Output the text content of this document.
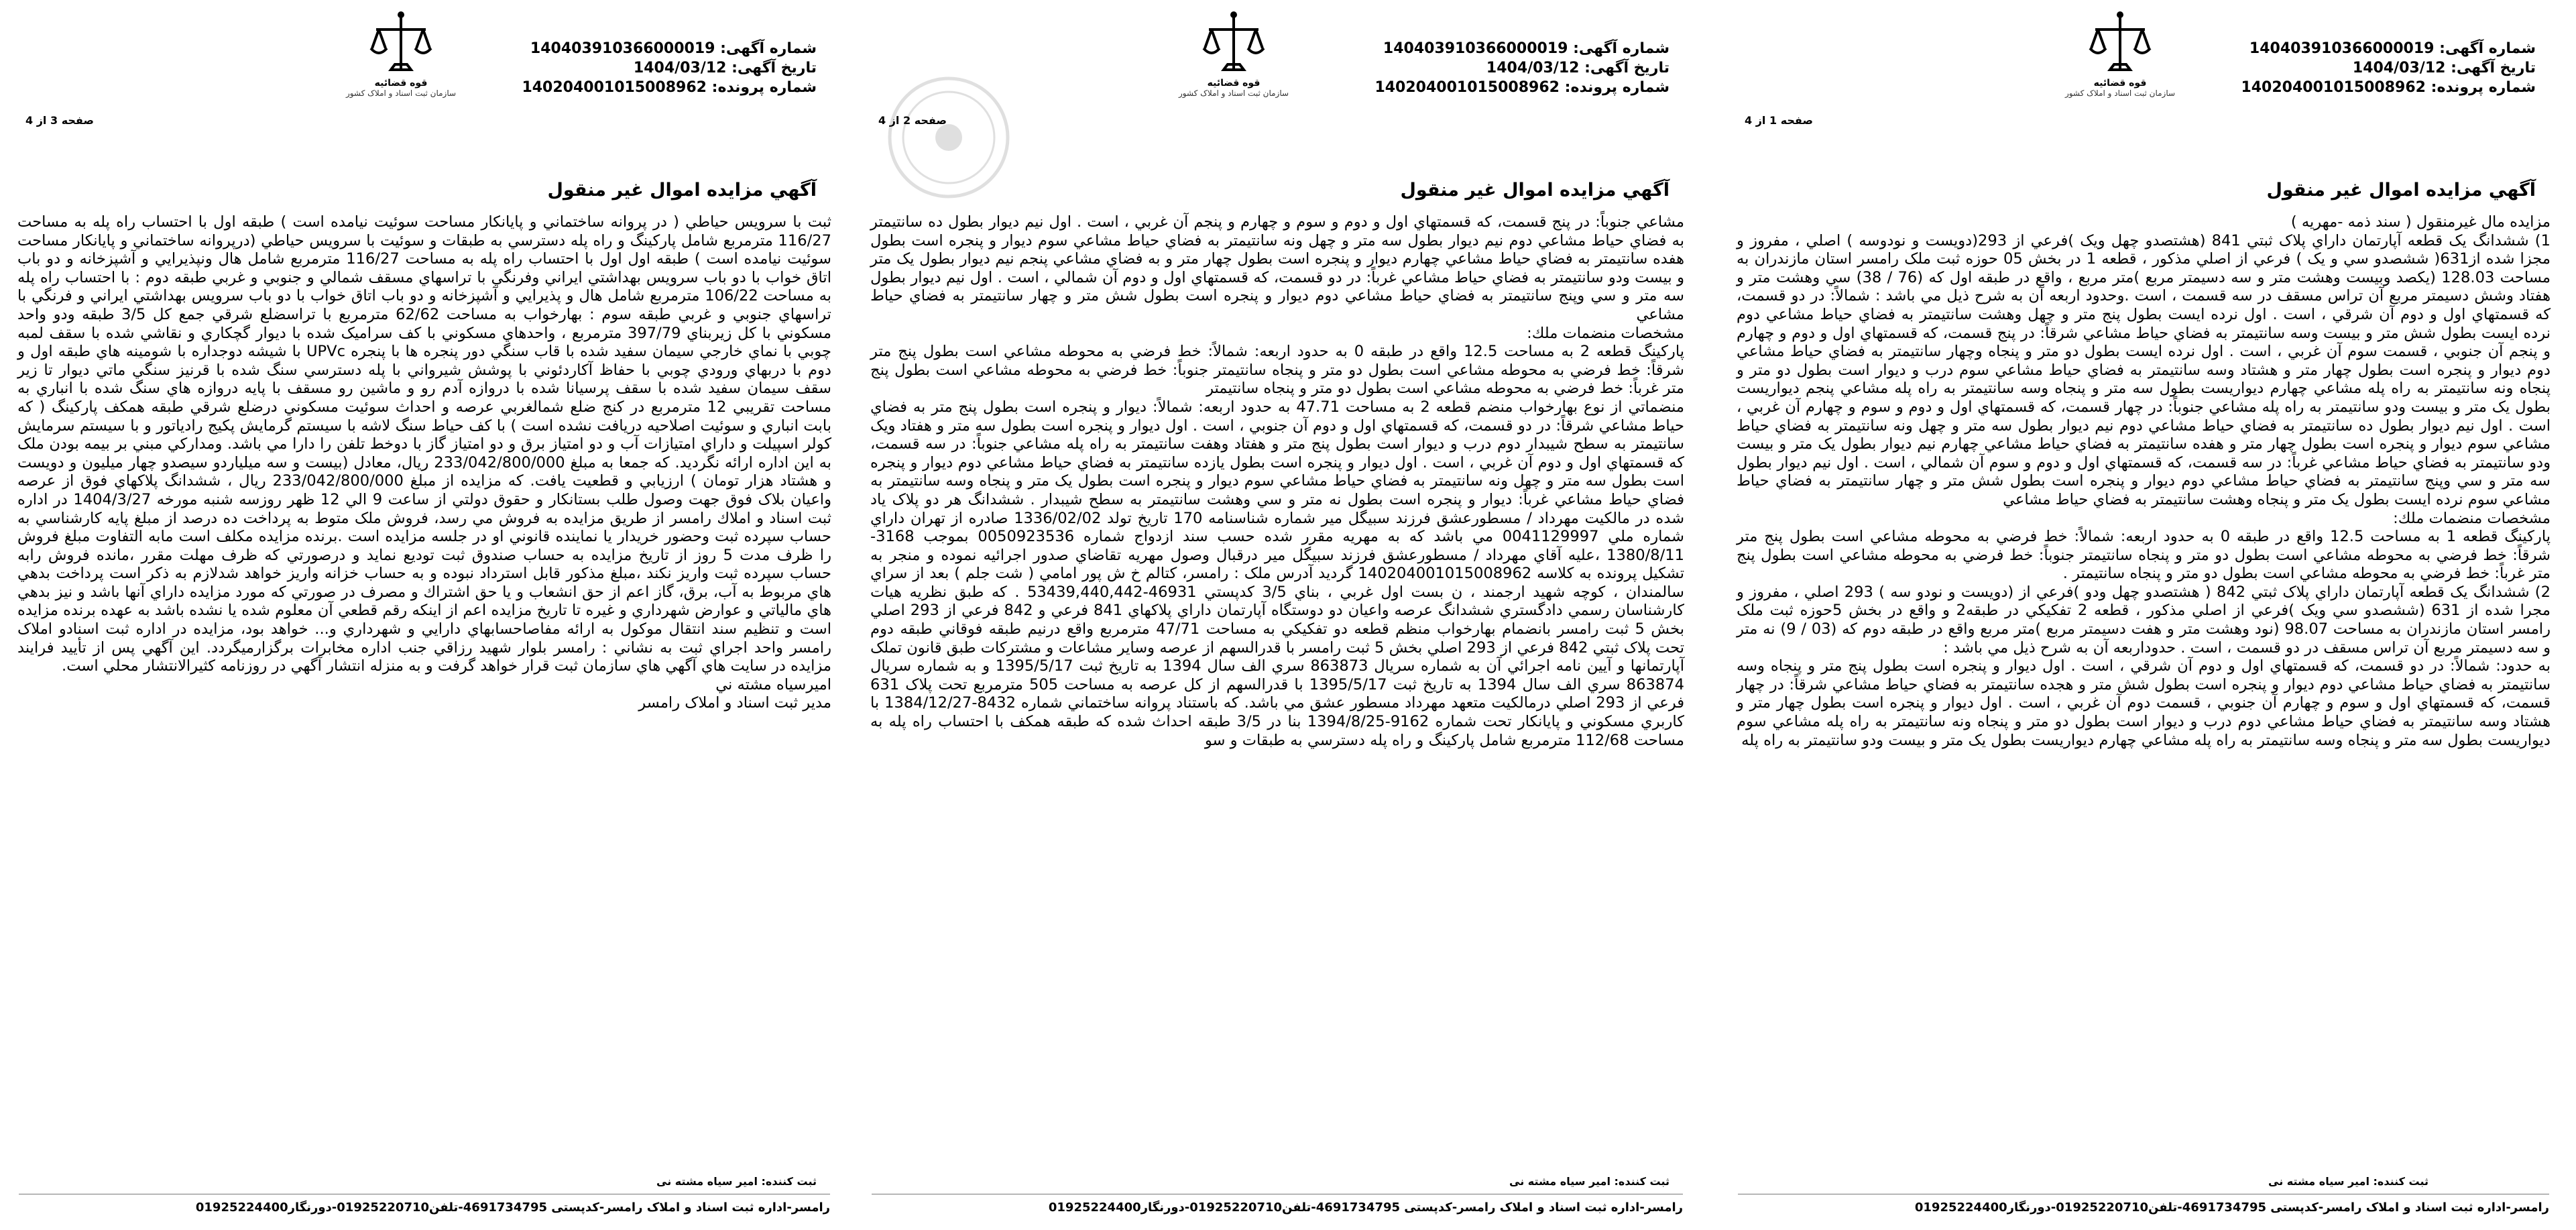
قوه قضائیه
سازمان ثبت اسناد و املاک کشور
شماره آگهی: 140403910366000019
تاریخ آگهی: 1404/03/12
شماره پرونده: 140204001015008962
صفحه 1 از 4
آگهي مزايده اموال غير منقول
مزايده مال غيرمنقول ( سند ذمه -مهريه )
1) ششدانگ يک قطعه آپارتمان داراي پلاک ثبتي 841 (هشتصدو چهل ويک )فرعي از 293(دويست و نودوسه ) اصلي ، مفروز و مجزا شده از631( ششصدو سي و يک ) فرعي از اصلي مذکور ، قطعه 1 در بخش 05 حوزه ثبت ملک رامسر استان مازندران به مساحت 128.03 (يکصد وبيست وهشت متر و سه دسيمتر مربع )متر مربع ، واقع در طبقه اول که (76 / 38) سي وهشت متر و هفتاد وشش دسيمتر مربع آن تراس مسقف در سه قسمت ، است .وحدود اربعه آن به شرح ذيل مي باشد : شمالاً: در دو قسمت، که قسمتهاي اول و دوم آن شرقي ، است . اول نرده ايست بطول پنج متر و چهل وهشت سانتيمتر به فضاي حياط مشاعي دوم نرده ايست بطول شش متر و بيست وسه سانتيمتر به فضاي حياط مشاعي شرقاً: در پنج قسمت، که قسمتهاي اول و دوم و چهارم و پنجم آن جنوبي ، قسمت سوم آن غربي ، است . اول نرده ايست بطول دو متر و پنجاه وچهار سانتيمتر به فضاي حياط مشاعي دوم ديوار و پنجره است بطول چهار متر و هشتاد وسه سانتيمتر به فضاي حياط مشاعي سوم درب و ديوار است بطول دو متر و پنجاه ونه سانتيمتر به راه پله مشاعي چهارم ديواريست بطول سه متر و پنجاه وسه سانتيمتر به راه پله مشاعي پنجم ديواريست بطول يک متر و بيست ودو سانتيمتر به راه پله مشاعي جنوباً: در چهار قسمت، که قسمتهاي اول و دوم و سوم و چهارم آن غربي ، است . اول نيم ديوار بطول ده سانتيمتر به فضاي حياط مشاعي دوم نيم ديوار بطول سه متر و چهل ونه سانتيمتر به فضاي حياط مشاعي سوم ديوار و پنجره است بطول چهار متر و هفده سانتيمتر به فضاي حياط مشاعي چهارم نيم ديوار بطول يک متر و بيست ودو سانتيمتر به فضاي حياط مشاعي غرباً: در سه قسمت، که قسمتهاي اول و دوم و سوم آن شمالي ، است . اول نيم ديوار بطول سه متر و سي وپنج سانتيمتر به فضاي حياط مشاعي دوم ديوار و پنجره است بطول شش متر و چهار سانتيمتر به فضاي حياط مشاعي سوم نرده ايست بطول يک متر و پنجاه وهشت سانتيمتر به فضاي حياط مشاعي
مشخصات منضمات ملك:
پارکينگ قطعه 1 به مساحت 12.5 واقع در طبقه 0 به حدود اربعه: شمالاً: خط فرضي به محوطه مشاعي است بطول پنج متر شرقاً: خط فرضي به محوطه مشاعي است بطول دو متر و پنجاه سانتيمتر جنوباً: خط فرضي به محوطه مشاعي است بطول پنج متر غرباً: خط فرضي به محوطه مشاعي است بطول دو متر و پنجاه سانتيمتر .
2) ششدانگ يک قطعه آپارتمان داراي پلاک ثبتي 842 ( هشتصدو چهل ودو )فرعي از (دويست و نودو سه ) 293 اصلي ، مفروز و مجرا شده از 631 (ششصدو سي ويک )فرعي از اصلي مذکور ، قطعه 2 تفکيکي در طبقه2 و واقع در بخش 5حوزه ثبت ملک رامسر استان مازندران به مساحت 98.07 (نود وهشت متر و هفت دسيمتر مربع )متر مربع واقع در طبقه دوم که (03 / 9) نه متر و سه دسيمتر مربع آن تراس مسقف در دو قسمت ، است . حدوداربعه آن به شرح ذيل مي باشد :
به حدود: شمالاً: در دو قسمت، که قسمتهاي اول و دوم آن شرقي ، است . اول ديوار و پنجره است بطول پنج متر و پنجاه وسه سانتيمتر به فضاي حياط مشاعي دوم ديوار و پنجره است بطول شش متر و هجده سانتيمتر به فضاي حياط مشاعي شرقاً: در چهار قسمت، که قسمتهاي اول و سوم و چهارم آن جنوبي ، قسمت دوم آن غربي ، است . اول ديوار و پنجره است بطول چهار متر و هشتاد وسه سانتيمتر به فضاي حياط مشاعي دوم درب و ديوار است بطول دو متر و پنجاه ونه سانتيمتر به راه پله مشاعي سوم ديواريست بطول سه متر و پنجاه وسه سانتيمتر به راه پله مشاعي چهارم ديواريست بطول يک متر و بيست ودو سانتيمتر به راه پله
ثبت کننده: امیر سیاه مشته نی
رامسر-اداره ثبت اسناد و املاک رامسر-کدپستی 4691734795-تلفن01925220710-دورنگار01925224400
قوه قضائیه
سازمان ثبت اسناد و املاک کشور
شماره آگهی: 140403910366000019
تاریخ آگهی: 1404/03/12
شماره پرونده: 140204001015008962
صفحه 2 از 4
آگهي مزايده اموال غير منقول
مشاعي جنوباً: در پنج قسمت، که قسمتهاي اول و دوم و سوم و چهارم و پنجم آن غربي ، است . اول نيم ديوار بطول ده سانتيمتر به فضاي حياط مشاعي دوم نيم ديوار بطول سه متر و چهل ونه سانتيمتر به فضاي حياط مشاعي سوم ديوار و پنجره است بطول هفده سانتيمتر به فضاي حياط مشاعي چهارم ديوار و پنجره است بطول چهار متر و به فضاي مشاعي پنجم نيم ديوار بطول يک متر و بيست ودو سانتيمتر به فضاي حياط مشاعي غرباً: در دو قسمت، که قسمتهاي اول و دوم آن شمالي ، است . اول نيم ديوار بطول سه متر و سي وپنج سانتيمتر به فضاي حياط مشاعي دوم ديوار و پنجره است بطول شش متر و چهار سانتيمتر به فضاي حياط مشاعي
مشخصات منضمات ملك:
پارکينگ قطعه 2 به مساحت 12.5 واقع در طبقه 0 به حدود اربعه: شمالاً: خط فرضي به محوطه مشاعي است بطول پنج متر شرقاً: خط فرضي به محوطه مشاعي است بطول دو متر و پنجاه سانتيمتر جنوباً: خط فرضي به محوطه مشاعي است بطول پنج متر غرباً: خط فرضي به محوطه مشاعي است بطول دو متر و پنجاه سانتيمتر
منضماتي از نوع بهارخواب منضم قطعه 2 به مساحت 47.71 به حدود اربعه: شمالاً: ديوار و پنجره است بطول پنج متر به فضاي حياط مشاعي شرقاً: در دو قسمت، که قسمتهاي اول و دوم آن جنوبي ، است . اول ديوار و پنجره است بطول سه متر و هفتاد ويک سانتيمتر به سطح شيبدار دوم درب و ديوار است بطول پنج متر و هفتاد وهفت سانتيمتر به راه پله مشاعي جنوباً: در سه قسمت، که قسمتهاي اول و دوم آن غربي ، است . اول ديوار و پنجره است بطول يازده سانتيمتر به فضاي حياط مشاعي دوم ديوار و پنجره است بطول سه متر و چهل ونه سانتيمتر به فضاي حياط مشاعي سوم ديوار و پنجره است بطول يک متر و پنجاه وسه سانتيمتر به فضاي حياط مشاعي غرباً: ديوار و پنجره است بطول نه متر و سي وهشت سانتيمتر به سطح شيبدار . ششدانگ هر دو پلاک ياد شده در مالکيت مهرداد / مسطورعشق فرزند سبيگل مير شماره شناسنامه 170 تاريخ تولد 1336/02/02 صادره از تهران داراي شماره ملي 0041129997 مي باشد که به مهريه مقرر شده حسب سند ازدواج شماره 0050923536 بموجب 3168-1380/8/11 ،عليه آقاي مهرداد / مسطورعشق فرزند سبيگل مير درقبال وصول مهريه تقاضاي صدور اجرائيه نموده و منجر به تشکيل پرونده به كلاسه 140204001015008962 گرديد آدرس ملک : رامسر، کتالم خ ش پور امامي ( شت جلم ) بعد از سراي سالمندان ، کوچه شهيد ارجمند ، ن بست اول غربي ، بناي 3/5 کدپستي 46931-53439,440,442 . که طبق نظريه هيات كارشناسان رسمي دادگستري ششدانگ عرصه واعيان دو دوستگاه آپارتمان داراي پلاکهاي 841 فرعي و 842 فرعي از 293 اصلي بخش 5 ثبت رامسر بانضمام بهارخواب منظم قطعه دو تفکيکي به مساحت 47/71 مترمربع واقع درنيم طبقه فوقاني طبقه دوم تحت پلاک ثبتي 842 فرعي از 293 اصلي بخش 5 ثبت رامسر با قدرالسهم از عرصه وساير مشاعات و مشترکات طبق قانون تملک آپارتمانها و آيين نامه اجرائي آن به شماره سريال 863873 سري الف سال 1394 به تاريخ ثبت 1395/5/17 و به شماره سريال 863874 سري الف سال 1394 به تاريخ ثبت 1395/5/17 با قدرالسهم از كل عرصه به مساحت 505 مترمربع تحت پلاک 631 فرعي از 293 اصلي درمالکيت متعهد مهرداد مسطور عشق مي باشد. که باستناد پروانه ساختماني شماره 8432-1384/12/27 با کاربري مسکوني و پايانکار تحت شماره 9162-1394/8/25 بنا در 3/5 طبقه احداث شده که طبقه همکف با احتساب راه پله به مساحت 112/68 مترمربع شامل پارکينگ و راه پله دسترسي به طبقات و سو
ثبت کننده: امیر سیاه مشته نی
رامسر-اداره ثبت اسناد و املاک رامسر-کدپستی 4691734795-تلفن01925220710-دورنگار01925224400
قوه قضائیه
سازمان ثبت اسناد و املاک کشور
شماره آگهی: 140403910366000019
تاریخ آگهی: 1404/03/12
شماره پرونده: 140204001015008962
صفحه 3 از 4
آگهي مزايده اموال غير منقول
ثبت با سرويس حياطي ( در پروانه ساختماني و پايانکار مساحت سوئيت نيامده است ) طبقه اول با احتساب راه پله به مساحت 116/27 مترمربع شامل پارکينگ و راه پله دسترسي به طبقات و سوئيت با سرويس حياطي (درپروانه ساختماني و پايانکار مساحت سوئيت نيامده است ) طبقه اول اول با احتساب راه پله به مساحت 116/27 مترمربع شامل هال ونپذيرايي و آشپزخانه و دو باب اتاق خواب با دو باب سرويس بهداشتي ايراني وفرنگي با تراسهاي مسقف شمالي و جنوبي و غربي طبقه دوم : با احتساب راه پله به مساحت 106/22 مترمربع شامل هال و پذيرايي و آشپزخانه و دو باب اتاق خواب با دو باب سرويس بهداشتي ايراني و فرنگي با تراسهاي جنوبي و غربي طبقه سوم : بهارخواب به مساحت 62/62 مترمربع با تراسضلع شرقي جمع کل 3/5 طبقه ودو واحد مسکوني با كل زيربناي 397/79 مترمربع ، واحدهاي مسکوني با کف سراميک شده با ديوار گچکاري و نقاشي شده با سقف لمبه چوبي با نماي خارجي سيمان سفيد شده با قاب سنگي دور پنجره ها با پنجره UPVc با شيشه دوجداره با شومينه هاي طبقه اول و دوم با دربهاي ورودي چوبي با حفاظ آکاردئوني با پوشش شيرواني با پله دسترسي سنگ شده با قرنيز سنگي ماتي ديوار تا زير سقف سيمان سفيد شده با سقف پرسيانا شده با دروازه آدم رو و ماشين رو مسقف با پايه دروازه هاي سنگ شده با انباري به مساحت تقريبي 12 مترمربع در کنج ضلع شمالغربي عرصه و احداث سوئيت مسکوني درضلع شرقي طبقه همکف پارکينگ ( که بابت انباري و سوئيت اصلاحيه دريافت نشده است ) با کف حياط سنگ لاشه با سيستم گرمايش پکيج رادياتور و با سيستم سرمايش كولر اسپيلت و داراي امتيازات آب و دو امتياز برق و دو امتياز گاز با دوخط تلفن را دارا مي باشد. ومدارکي مبني بر بيمه بودن ملک به اين اداره ارائه نگرديد. که جمعا به مبلغ 233/042/800/000 ريال، معادل (بيست و سه ميلياردو سيصدو چهار ميليون و دويست و هشتاد هزار تومان ) ارزيابي و قطعيت يافت. که مزايده از مبلغ 233/042/800/000 ريال ، ششدانگ پلاکهاي فوق از عرصه واعيان بلاک فوق جهت وصول طلب بستانكار و حقوق دولتي از ساعت 9 الي 12 ظهر روزسه شنبه مورخه 1404/3/27 در اداره ثبت اسناد و املاك رامسر از طريق مزايده به فروش مي رسد، فروش ملک متوط به پرداخت ده درصد از مبلغ پايه کارشناسي به حساب سپرده ثبت وحضور خريدار يا نماينده قانوني او در جلسه مزايده است .برنده مزايده مكلف است مابه التفاوت مبلغ فروش را ظرف مدت 5 روز از تاريخ مزايده به حساب صندوق ثبت توديع نمايد و درصورتي که ظرف مهلت مقرر ،مانده فروش رابه حساب سپرده ثبت واريز نکند ،مبلغ مذکور قابل استرداد نبوده و به حساب خزانه واريز خواهد شدلازم به ذکر است پرداخت بدهي هاي مربوط به آب، برق، گاز اعم از حق انشعاب و يا حق اشتراك و مصرف در صورتي كه مورد مزايده داراي آنها باشد و نيز بدهي هاي مالياتي و عوارض شهرداري و غيره تا تاريخ مزايده اعم از اينکه رقم قطعي آن معلوم شده يا نشده باشد به عهده برنده مزايده است و تنظيم سند انتقال موکول به ارائه مفاصاحسابهاي دارايي و شهرداري و... خواهد بود، مزايده در اداره ثبت اسنادو املاک رامسر واحد اجراي ثبت به نشاني : رامسر بلوار شهيد رزاقي جنب اداره مخابرات برگزارميگردد. اين آگهي پس از تأييد فرايند مزايده در سايت هاي آگهي هاي سازمان ثبت قرار خواهد گرفت و به منزله انتشار آگهي در روزنامه کثيرالانتشار محلي است.
اميرسياه مشته ني
مدير ثبت اسناد و املاک رامسر
ثبت کننده: امیر سیاه مشته نی
رامسر-اداره ثبت اسناد و املاک رامسر-کدپستی 4691734795-تلفن01925220710-دورنگار01925224400
